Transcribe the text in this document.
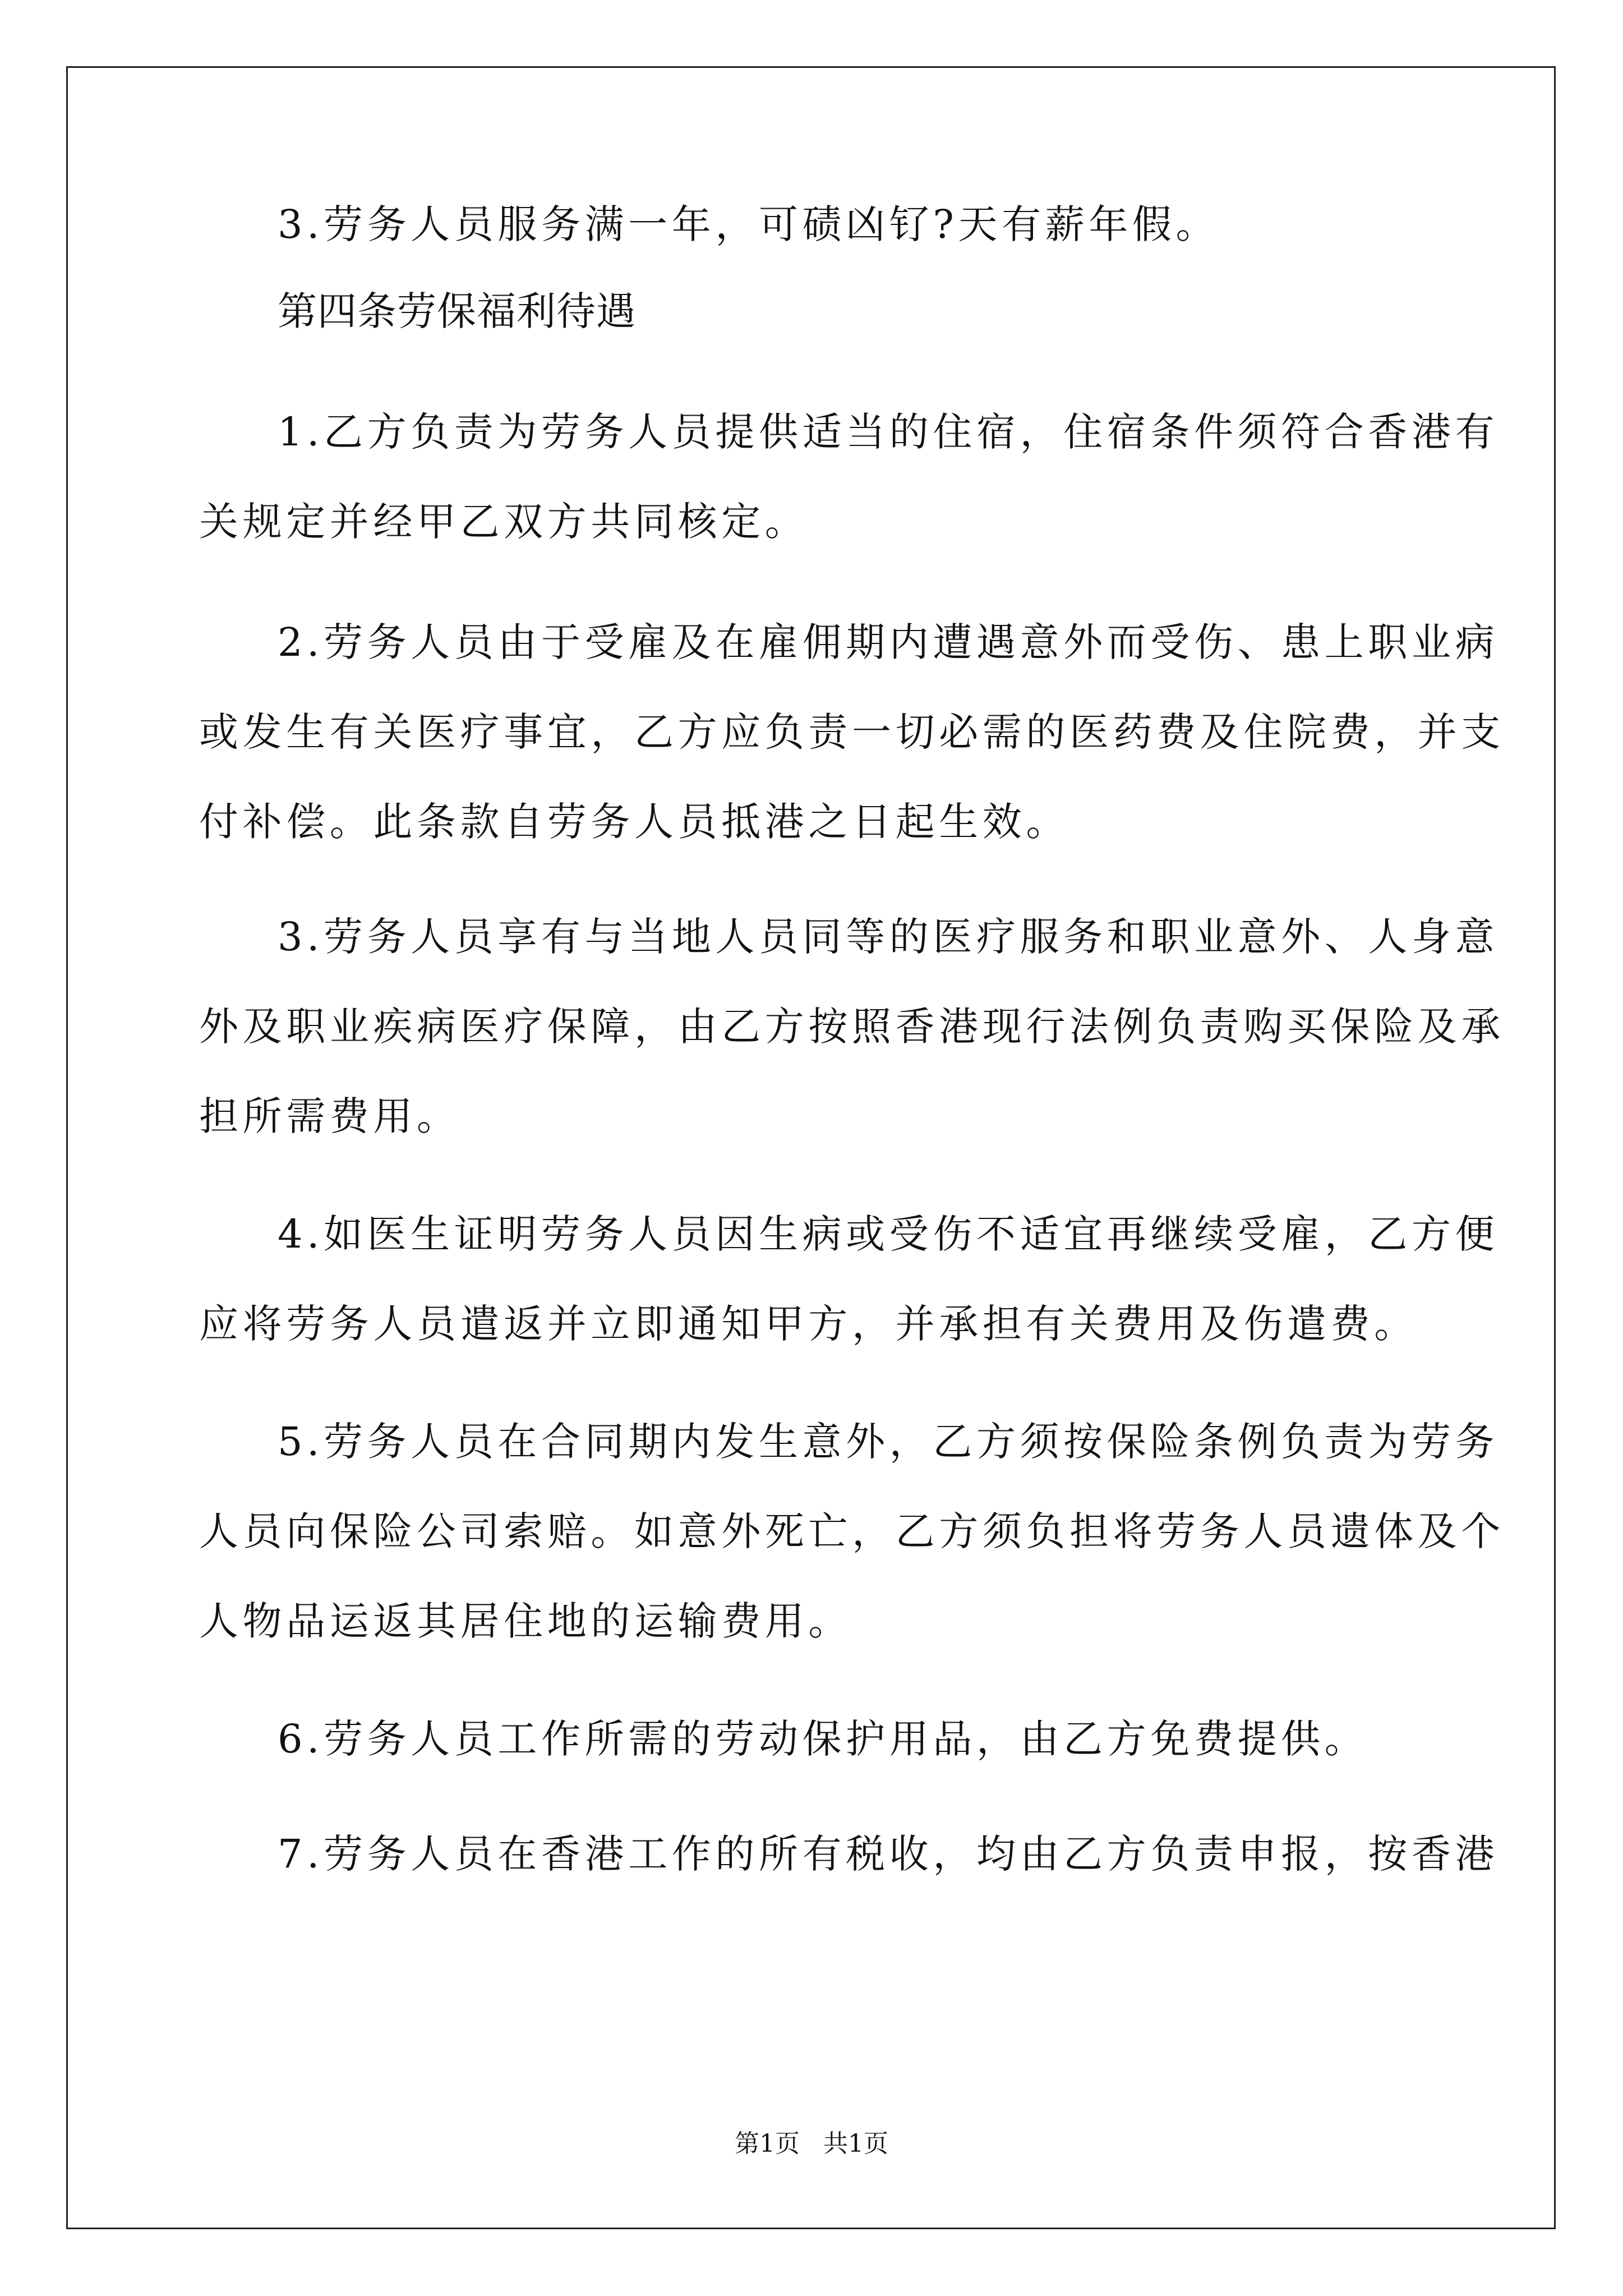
3.劳务人员服务满一年，可碛凶钌?天有薪年假。
第四条劳保福利待遇
1.乙方负责为劳务人员提供适当的住宿，住宿条件须符合香港有
关规定并经甲乙双方共同核定。
2.劳务人员由于受雇及在雇佣期内遭遇意外而受伤、患上职业病
或发生有关医疗事宜，乙方应负责一切必需的医药费及住院费，并支
付补偿。此条款自劳务人员抵港之日起生效。
3.劳务人员享有与当地人员同等的医疗服务和职业意外、人身意
外及职业疾病医疗保障，由乙方按照香港现行法例负责购买保险及承
担所需费用。
4.如医生证明劳务人员因生病或受伤不适宜再继续受雇，乙方便
应将劳务人员遣返并立即通知甲方，并承担有关费用及伤遣费。
5.劳务人员在合同期内发生意外，乙方须按保险条例负责为劳务
人员向保险公司索赔。如意外死亡，乙方须负担将劳务人员遗体及个
人物品运返其居住地的运输费用。
6.劳务人员工作所需的劳动保护用品，由乙方免费提供。
7.劳务人员在香港工作的所有税收，均由乙方负责申报，按香港
第1页   共1页
